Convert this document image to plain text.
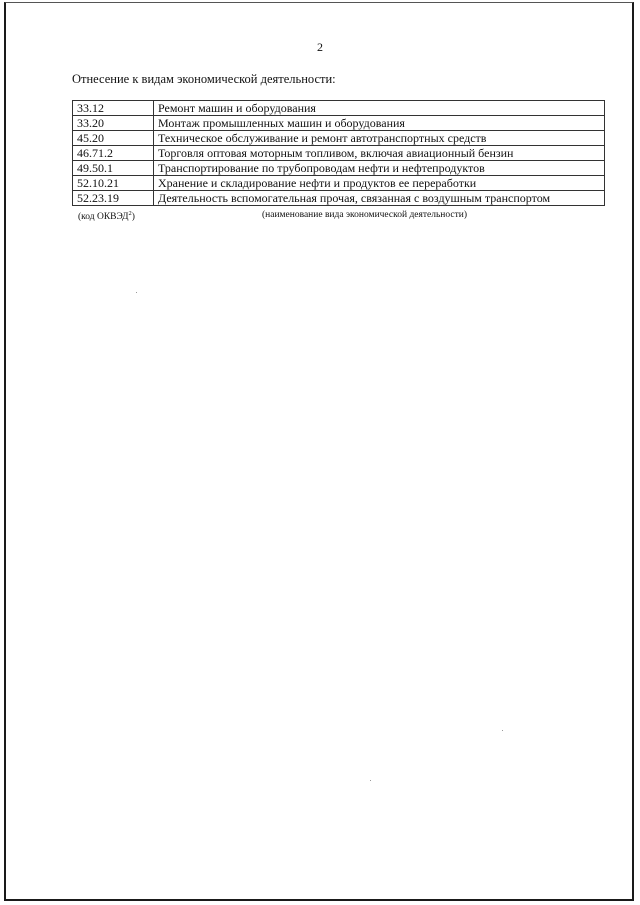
2
Отнесение к видам экономической деятельности:
33.12	Ремонт машин и оборудования
33.20	Монтаж промышленных машин и оборудования
45.20	Техническое обслуживание и ремонт автотранспортных средств
46.71.2	Торговля оптовая моторным топливом, включая авиационный бензин
49.50.1	Транспортирование по трубопроводам нефти и нефтепродуктов
52.10.21	Хранение и складирование нефти и продуктов ее переработки
52.23.19	Деятельность вспомогательная прочая, связанная с воздушным транспортом
(код ОКВЭД$^2$)	(наименование вида экономической деятельности)
